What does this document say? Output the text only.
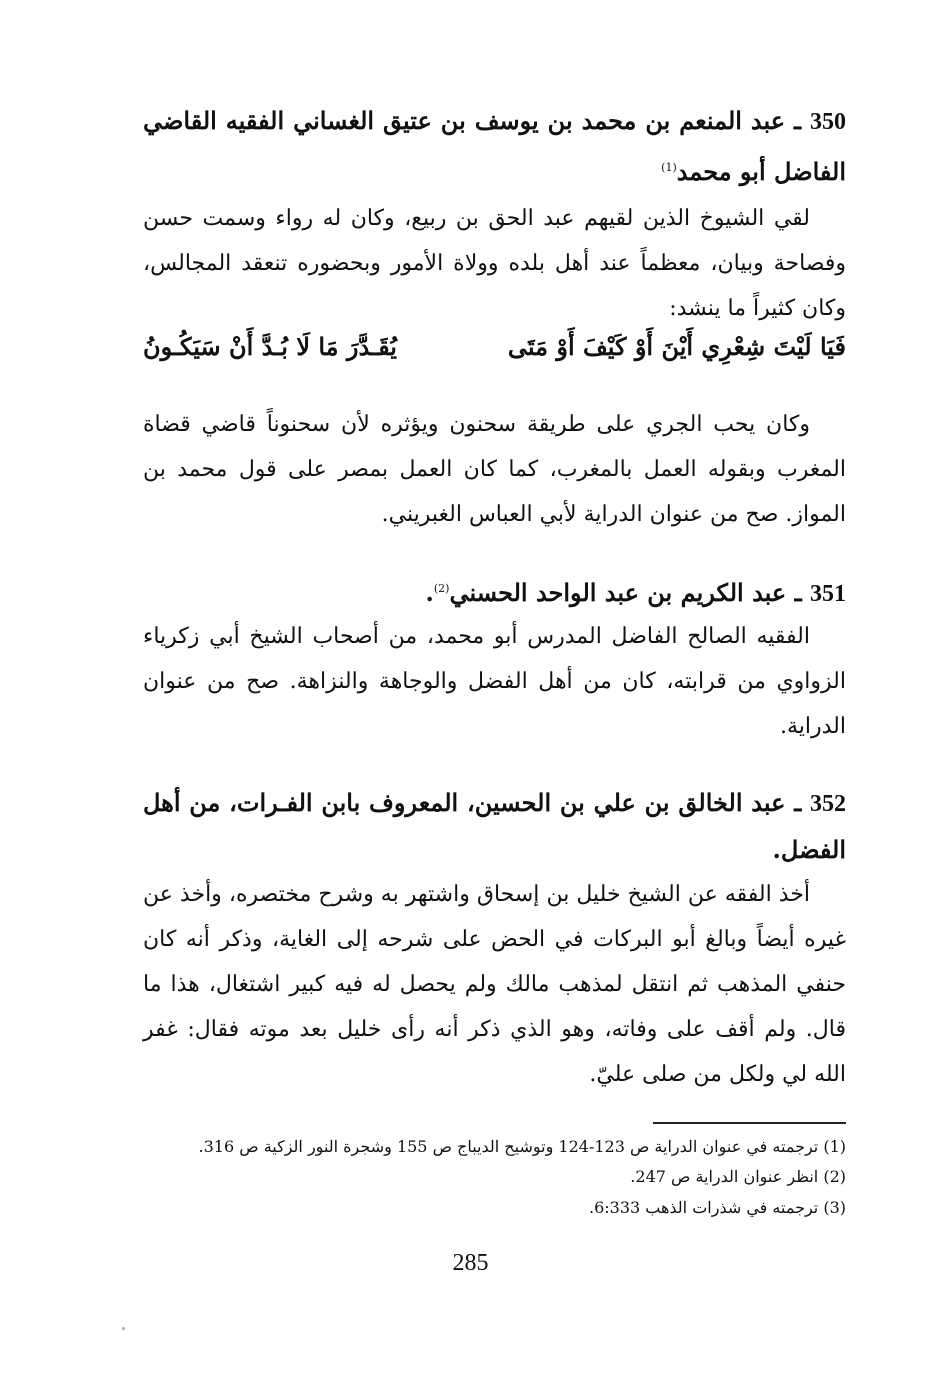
350 ـ عبد المنعم بن محمد بن يوسف بن عتيق الغساني الفقيه القاضي الفاضل أبو محمد$^{(1)}$
لقي الشيوخ الذين لقيهم عبد الحق بن ربيع، وكان له رواء وسمت حسن وفصاحة وبيان، معظماً عند أهل بلده وولاة الأمور وبحضوره تنعقد المجالس، وكان كثيراً ما ينشد:
فَيَا لَيْتَ شِعْرِي أَيْنَ أَوْ كَيْفَ أَوْ مَتَى
يُقَـدَّرَ مَا لَا بُـدَّ أَنْ سَيَكُـونُ
وكان يحب الجري على طريقة سحنون ويؤثره لأن سحنوناً قاضي قضاة المغرب وبقوله العمل بالمغرب، كما كان العمل بمصر على قول محمد بن المواز. صح من عنوان الدراية لأبي العباس الغبريني.
351 ـ عبد الكريم بن عبد الواحد الحسني$^{(2)}$.
الفقيه الصالح الفاضل المدرس أبو محمد، من أصحاب الشيخ أبي زكرياء الزواوي من قرابته، كان من أهل الفضل والوجاهة والنزاهة. صح من عنوان الدراية.
352 ـ عبد الخالق بن علي بن الحسين، المعروف بابن الفـرات، من أهل الفضل.
أخذ الفقه عن الشيخ خليل بن إسحاق واشتهر به وشرح مختصره، وأخذ عن غيره أيضاً وبالغ أبو البركات في الحض على شرحه إلى الغاية، وذكر أنه كان حنفي المذهب ثم انتقل لمذهب مالك ولم يحصل له فيه كبير اشتغال، هذا ما قال. ولم أقف على وفاته، وهو الذي ذكر أنه رأى خليل بعد موته فقال: غفر الله لي ولكل من صلى عليّ.
(1) ترجمته في عنوان الدراية ص 123-124 وتوشيح الديباج ص 155 وشجرة النور الزكية ص 316.
(2) انظر عنوان الدراية ص 247.
(3) ترجمته في شذرات الذهب 6:333.
285
